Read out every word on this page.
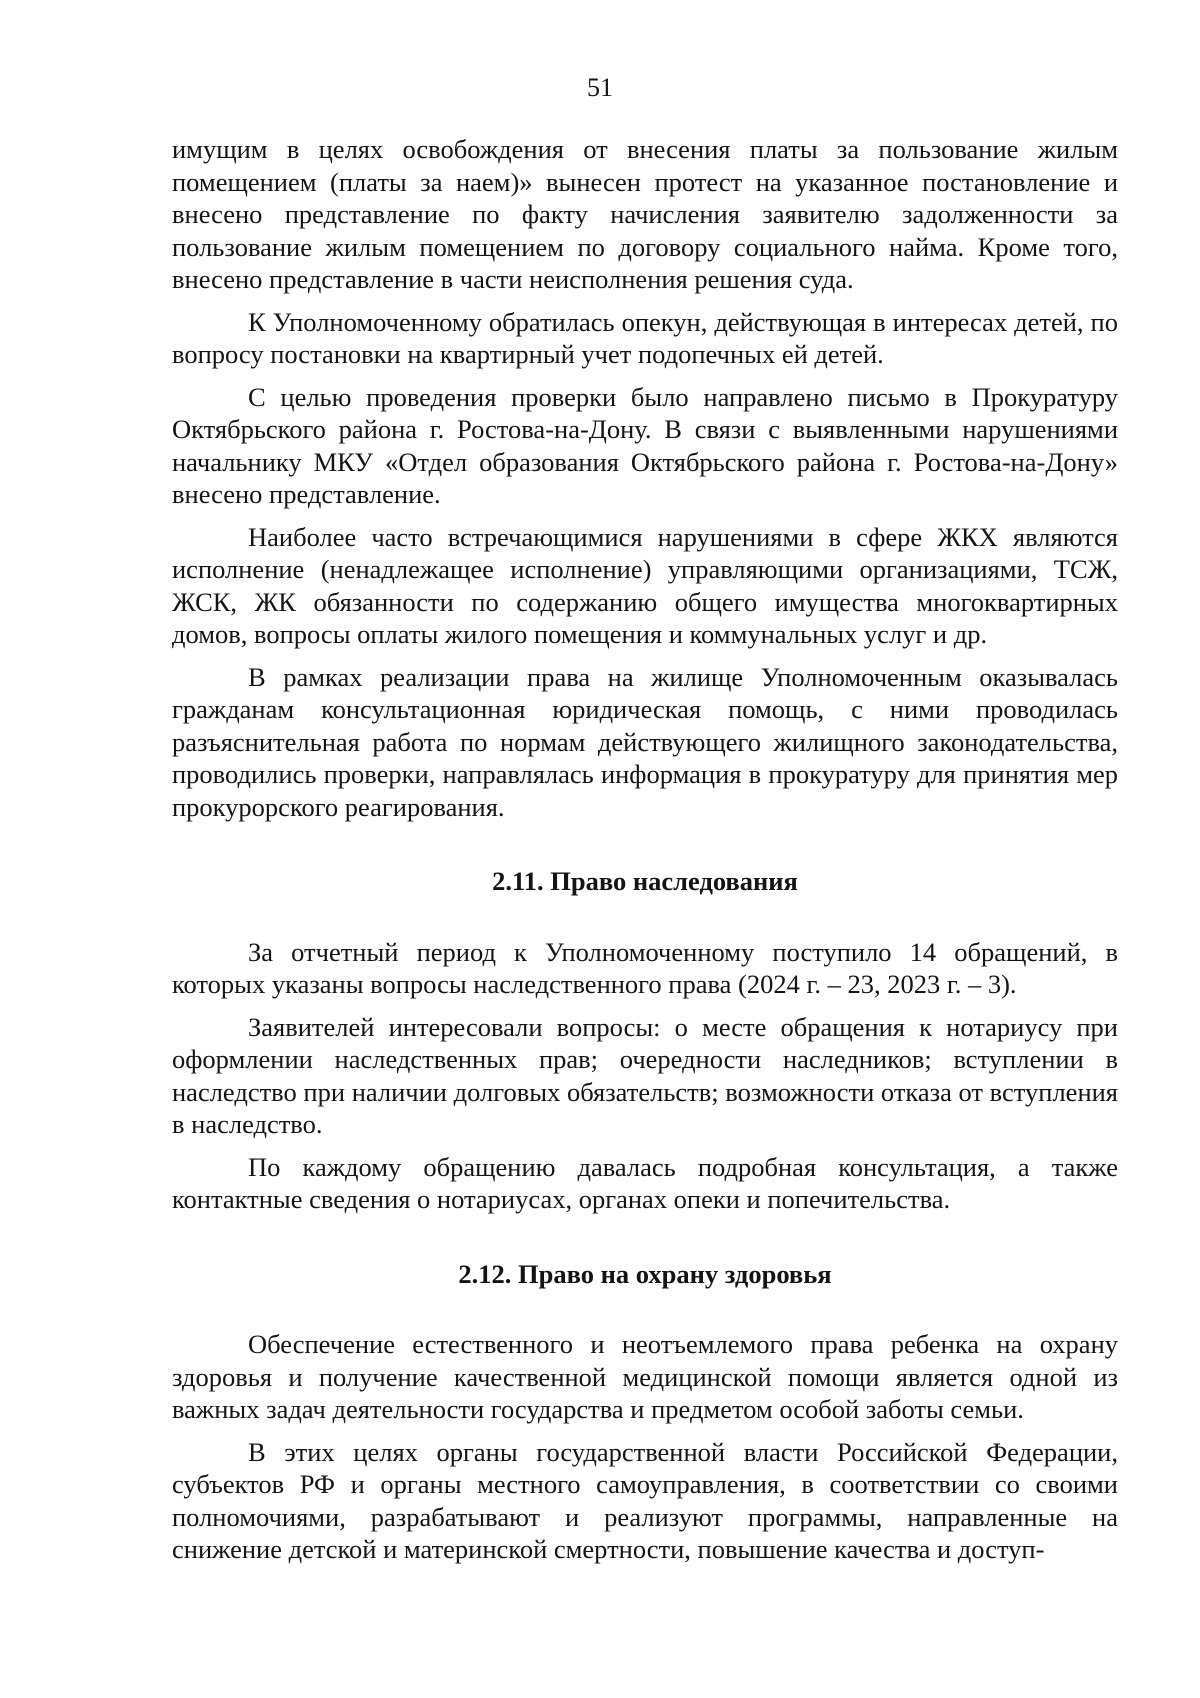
51

имущим в целях освобождения от внесения платы за пользование жилым помещением (платы за наем)» вынесен протест на указанное постановление и внесено представление по факту начисления заявителю задолженности за пользование жилым помещением по договору социального найма. Кроме того, внесено представление в части неисполнения решения суда.

К Уполномоченному обратилась опекун, действующая в интересах детей, по вопросу постановки на квартирный учет подопечных ей детей.

С целью проведения проверки было направлено письмо в Прокуратуру Октябрьского района г. Ростова-на-Дону. В связи с выявленными нарушениями начальнику МКУ «Отдел образования Октябрьского района г. Ростова-на-Дону» внесено представление.

Наиболее часто встречающимися нарушениями в сфере ЖКХ являются исполнение (ненадлежащее исполнение) управляющими организациями, ТСЖ, ЖСК, ЖК обязанности по содержанию общего имущества многоквартирных домов, вопросы оплаты жилого помещения и коммунальных услуг и др.

В рамках реализации права на жилище Уполномоченным оказывалась гражданам консультационная юридическая помощь, с ними проводилась разъяснительная работа по нормам действующего жилищного законодательства, проводились проверки, направлялась информация в прокуратуру для принятия мер прокурорского реагирования.

2.11. Право наследования

За отчетный период к Уполномоченному поступило 14 обращений, в которых указаны вопросы наследственного права (2024 г. – 23, 2023 г. – 3).

Заявителей интересовали вопросы: о месте обращения к нотариусу при оформлении наследственных прав; очередности наследников; вступлении в наследство при наличии долговых обязательств; возможности отказа от вступления в наследство.

По каждому обращению давалась подробная консультация, а также контактные сведения о нотариусах, органах опеки и попечительства.

2.12. Право на охрану здоровья

Обеспечение естественного и неотъемлемого права ребенка на охрану здоровья и получение качественной медицинской помощи является одной из важных задач деятельности государства и предметом особой заботы семьи.

В этих целях органы государственной власти Российской Федерации, субъектов РФ и органы местного самоуправления, в соответствии со своими полномочиями, разрабатывают и реализуют программы, направленные на снижение детской и материнской смертности, повышение качества и доступ-
